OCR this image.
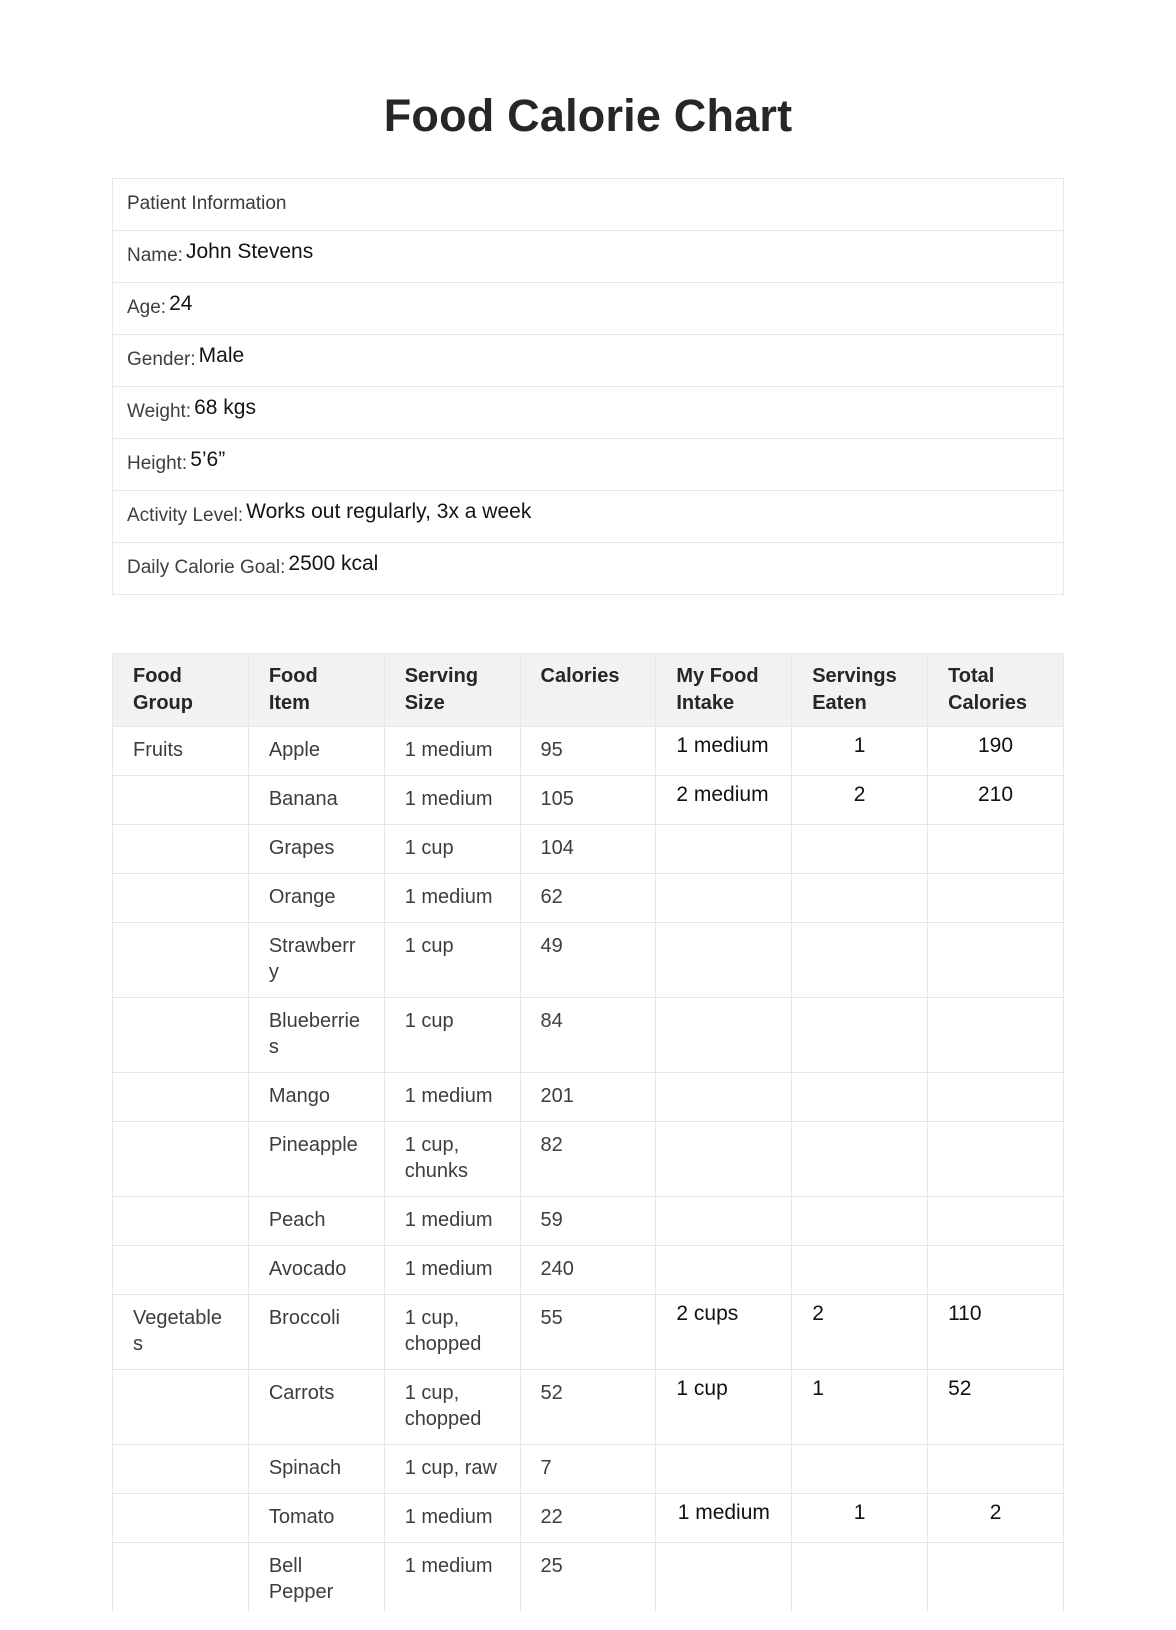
Food Calorie Chart
Patient Information
Name: John Stevens
Age: 24
Gender: Male
Weight: 68 kgs
Height: 5’6”
Activity Level: Works out regularly, 3x a week
Daily Calorie Goal: 2500 kcal
Food Group	Food Item	Serving Size	Calories	My Food Intake	Servings Eaten	Total Calories
Fruits	Apple	1 medium	95	1 medium	1	190
	Banana	1 medium	105	2 medium	2	210
	Grapes	1 cup	104			
	Orange	1 medium	62			
	Strawberry	1 cup	49			
	Blueberries	1 cup	84			
	Mango	1 medium	201			
	Pineapple	1 cup, chunks	82			
	Peach	1 medium	59			
	Avocado	1 medium	240			
Vegetables	Broccoli	1 cup, chopped	55	2 cups	2	110
	Carrots	1 cup, chopped	52	1 cup	1	52
	Spinach	1 cup, raw	7			
	Tomato	1 medium	22	1 medium	1	2
	Bell Pepper	1 medium	25			
